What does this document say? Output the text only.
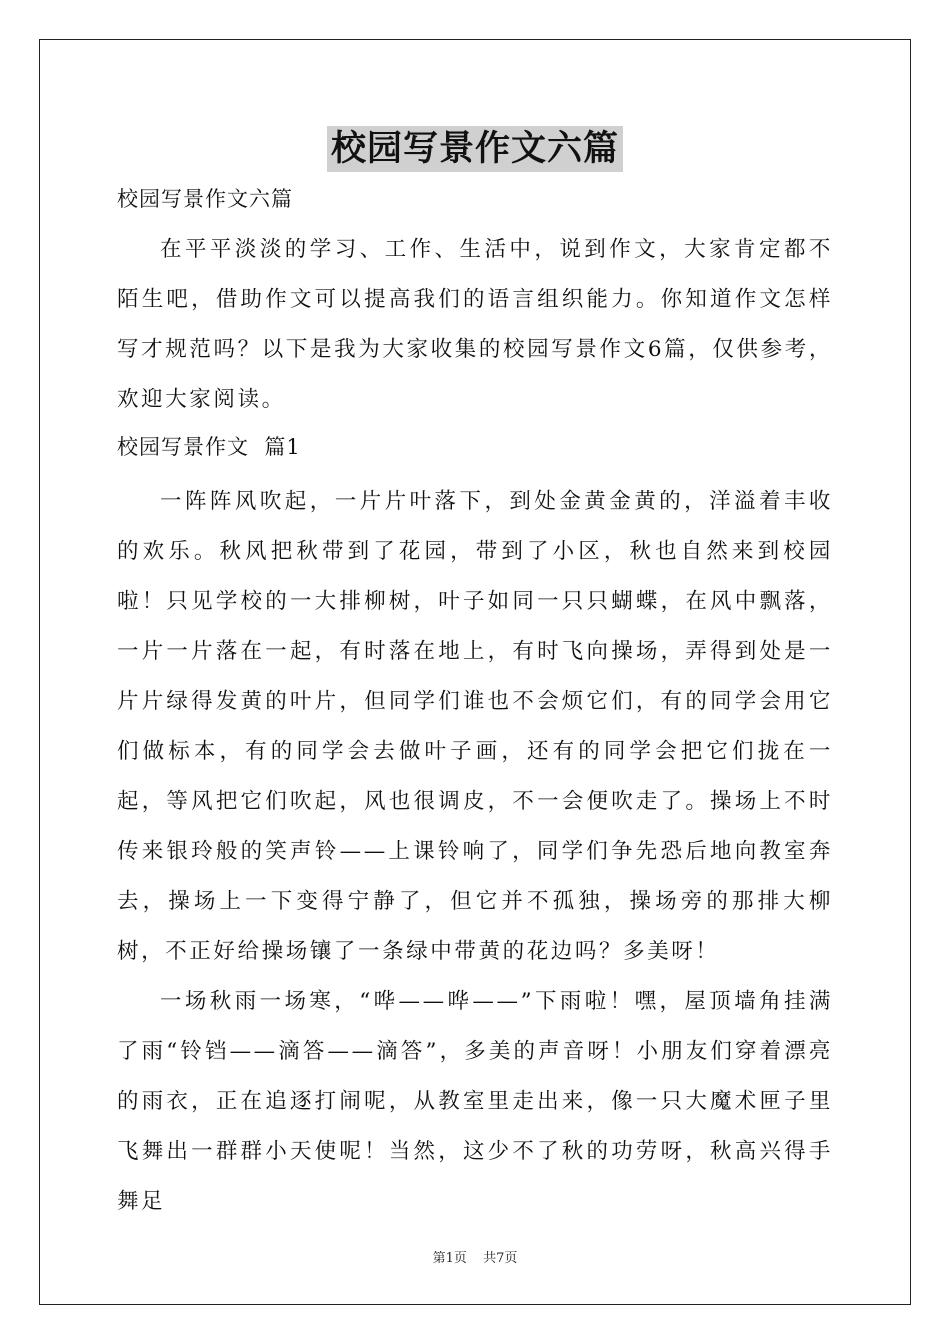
校园写景作文六篇

校园写景作文六篇

在平平淡淡的学习、工作、生活中，说到作文，大家肯定都不陌生吧，借助作文可以提高我们的语言组织能力。你知道作文怎样写才规范吗？以下是我为大家收集的校园写景作文6篇，仅供参考，欢迎大家阅读。

校园写景作文  篇1

一阵阵风吹起，一片片叶落下，到处金黄金黄的，洋溢着丰收的欢乐。秋风把秋带到了花园，带到了小区，秋也自然来到校园啦！只见学校的一大排柳树，叶子如同一只只蝴蝶，在风中飘落，一片一片落在一起，有时落在地上，有时飞向操场，弄得到处是一片片绿得发黄的叶片，但同学们谁也不会烦它们，有的同学会用它们做标本，有的同学会去做叶子画，还有的同学会把它们拢在一起，等风把它们吹起，风也很调皮，不一会便吹走了。操场上不时传来银玲般的笑声铃——上课铃响了，同学们争先恐后地向教室奔去，操场上一下变得宁静了，但它并不孤独，操场旁的那排大柳树，不正好给操场镶了一条绿中带黄的花边吗？多美呀！

一场秋雨一场寒，“哗——哗——”下雨啦！嘿，屋顶墙角挂满了雨“铃铛——滴答——滴答”，多美的声音呀！小朋友们穿着漂亮的雨衣，正在追逐打闹呢，从教室里走出来，像一只大魔术匣子里飞舞出一群群小天使呢！当然，这少不了秋的功劳呀，秋高兴得手舞足

第1页 共7页
